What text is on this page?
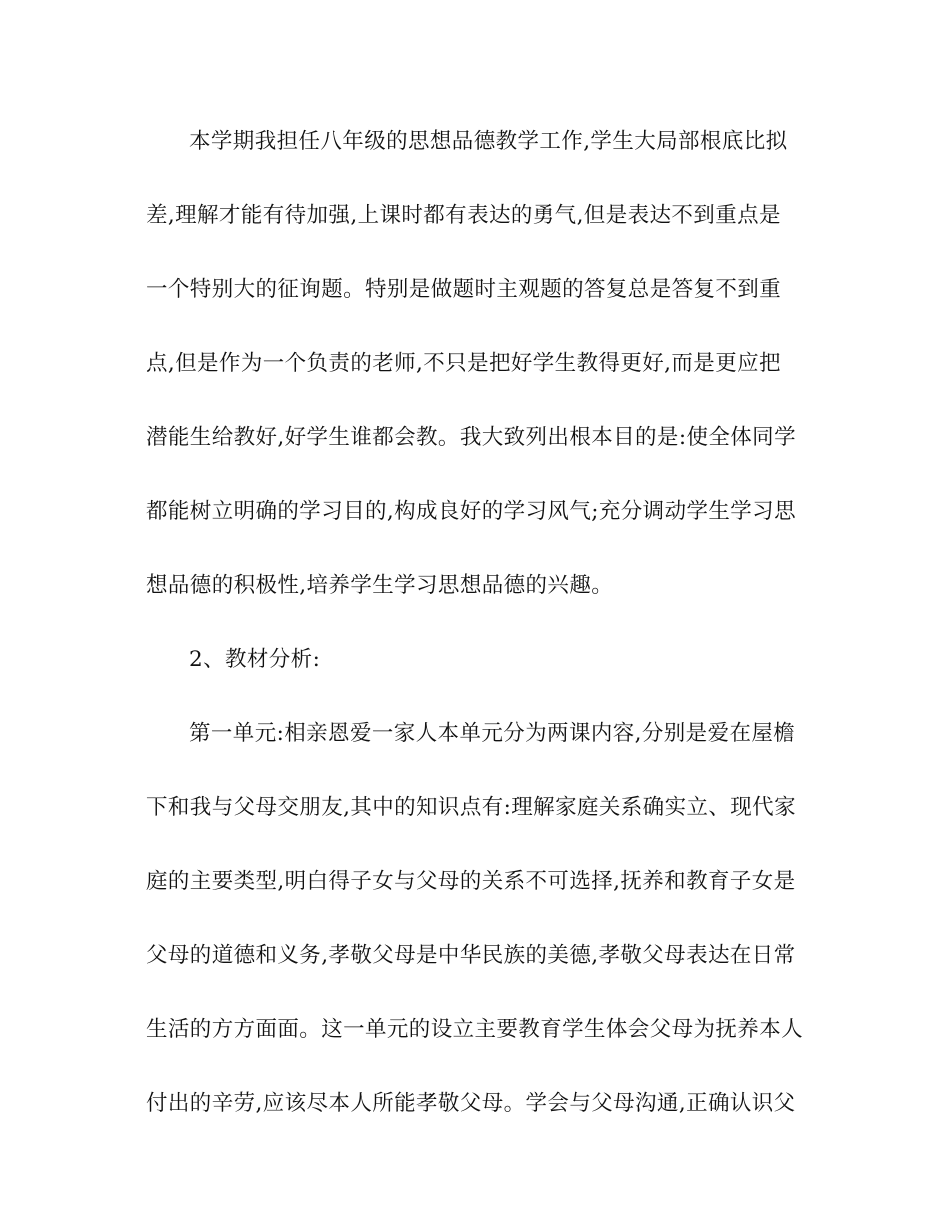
本学期我担任八年级的思想品德教学工作,学生大局部根底比拟
差,理解才能有待加强,上课时都有表达的勇气,但是表达不到重点是
一个特别大的征询题。特别是做题时主观题的答复总是答复不到重
点,但是作为一个负责的老师,不只是把好学生教得更好,而是更应把
潜能生给教好,好学生谁都会教。我大致列出根本目的是:使全体同学
都能树立明确的学习目的,构成良好的学习风气;充分调动学生学习思
想品德的积极性,培养学生学习思想品德的兴趣。
2、教材分析:
第一单元:相亲恩爱一家人本单元分为两课内容,分别是爱在屋檐
下和我与父母交朋友,其中的知识点有:理解家庭关系确实立、现代家
庭的主要类型,明白得子女与父母的关系不可选择,抚养和教育子女是
父母的道德和义务,孝敬父母是中华民族的美德,孝敬父母表达在日常
生活的方方面面。这一单元的设立主要教育学生体会父母为抚养本人
付出的辛劳,应该尽本人所能孝敬父母。学会与父母沟通,正确认识父
